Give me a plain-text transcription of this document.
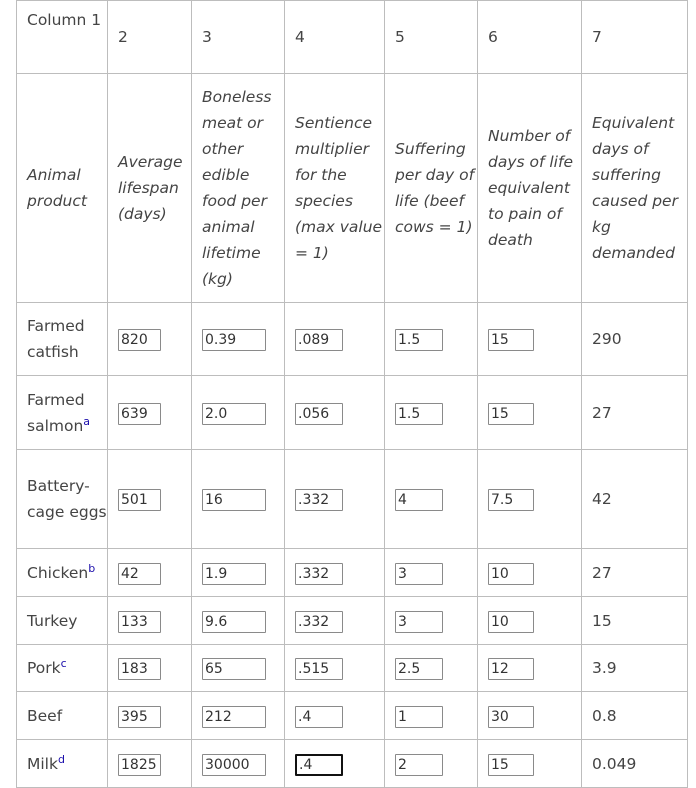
Column 1	2	3	4	5	6	7
Animal product	Average lifespan (days)	Boneless meat or other edible food per animal lifetime (kg)	Sentience multiplier for the species (max value = 1)	Suffering per day of life (beef cows = 1)	Number of days of life equivalent to pain of death	Equivalent days of suffering caused per kg demanded
Farmed catfish	820	0.39	.089	1.5	15	290
Farmed salmon$^a$	639	2.0	.056	1.5	15	27
Battery-cage eggs	501	16	.332	4	7.5	42
Chicken$^b$	42	1.9	.332	3	10	27
Turkey	133	9.6	.332	3	10	15
Pork$^c$	183	65	.515	2.5	12	3.9
Beef	395	212	.4	1	30	0.8
Milk$^d$	1825	30000	.4	2	15	0.049
